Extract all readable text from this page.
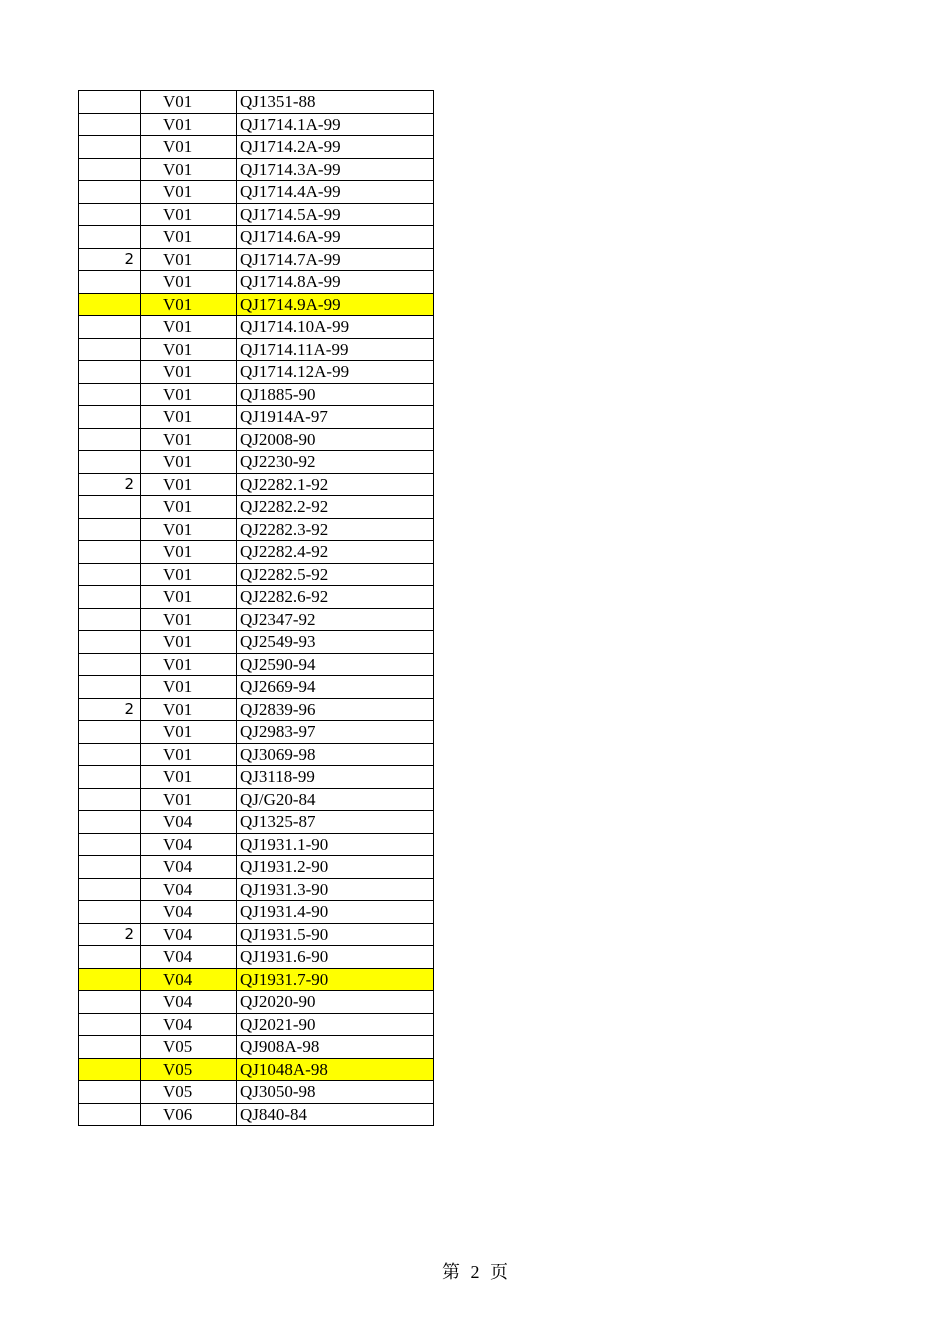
	V01	QJ1351-88
	V01	QJ1714.1A-99
	V01	QJ1714.2A-99
	V01	QJ1714.3A-99
	V01	QJ1714.4A-99
	V01	QJ1714.5A-99
	V01	QJ1714.6A-99
2	V01	QJ1714.7A-99
	V01	QJ1714.8A-99
	V01	QJ1714.9A-99
	V01	QJ1714.10A-99
	V01	QJ1714.11A-99
	V01	QJ1714.12A-99
	V01	QJ1885-90
	V01	QJ1914A-97
	V01	QJ2008-90
	V01	QJ2230-92
2	V01	QJ2282.1-92
	V01	QJ2282.2-92
	V01	QJ2282.3-92
	V01	QJ2282.4-92
	V01	QJ2282.5-92
	V01	QJ2282.6-92
	V01	QJ2347-92
	V01	QJ2549-93
	V01	QJ2590-94
	V01	QJ2669-94
2	V01	QJ2839-96
	V01	QJ2983-97
	V01	QJ3069-98
	V01	QJ3118-99
	V01	QJ/G20-84
	V04	QJ1325-87
	V04	QJ1931.1-90
	V04	QJ1931.2-90
	V04	QJ1931.3-90
	V04	QJ1931.4-90
2	V04	QJ1931.5-90
	V04	QJ1931.6-90
	V04	QJ1931.7-90
	V04	QJ2020-90
	V04	QJ2021-90
	V05	QJ908A-98
	V05	QJ1048A-98
	V05	QJ3050-98
	V06	QJ840-84
第 2 页
